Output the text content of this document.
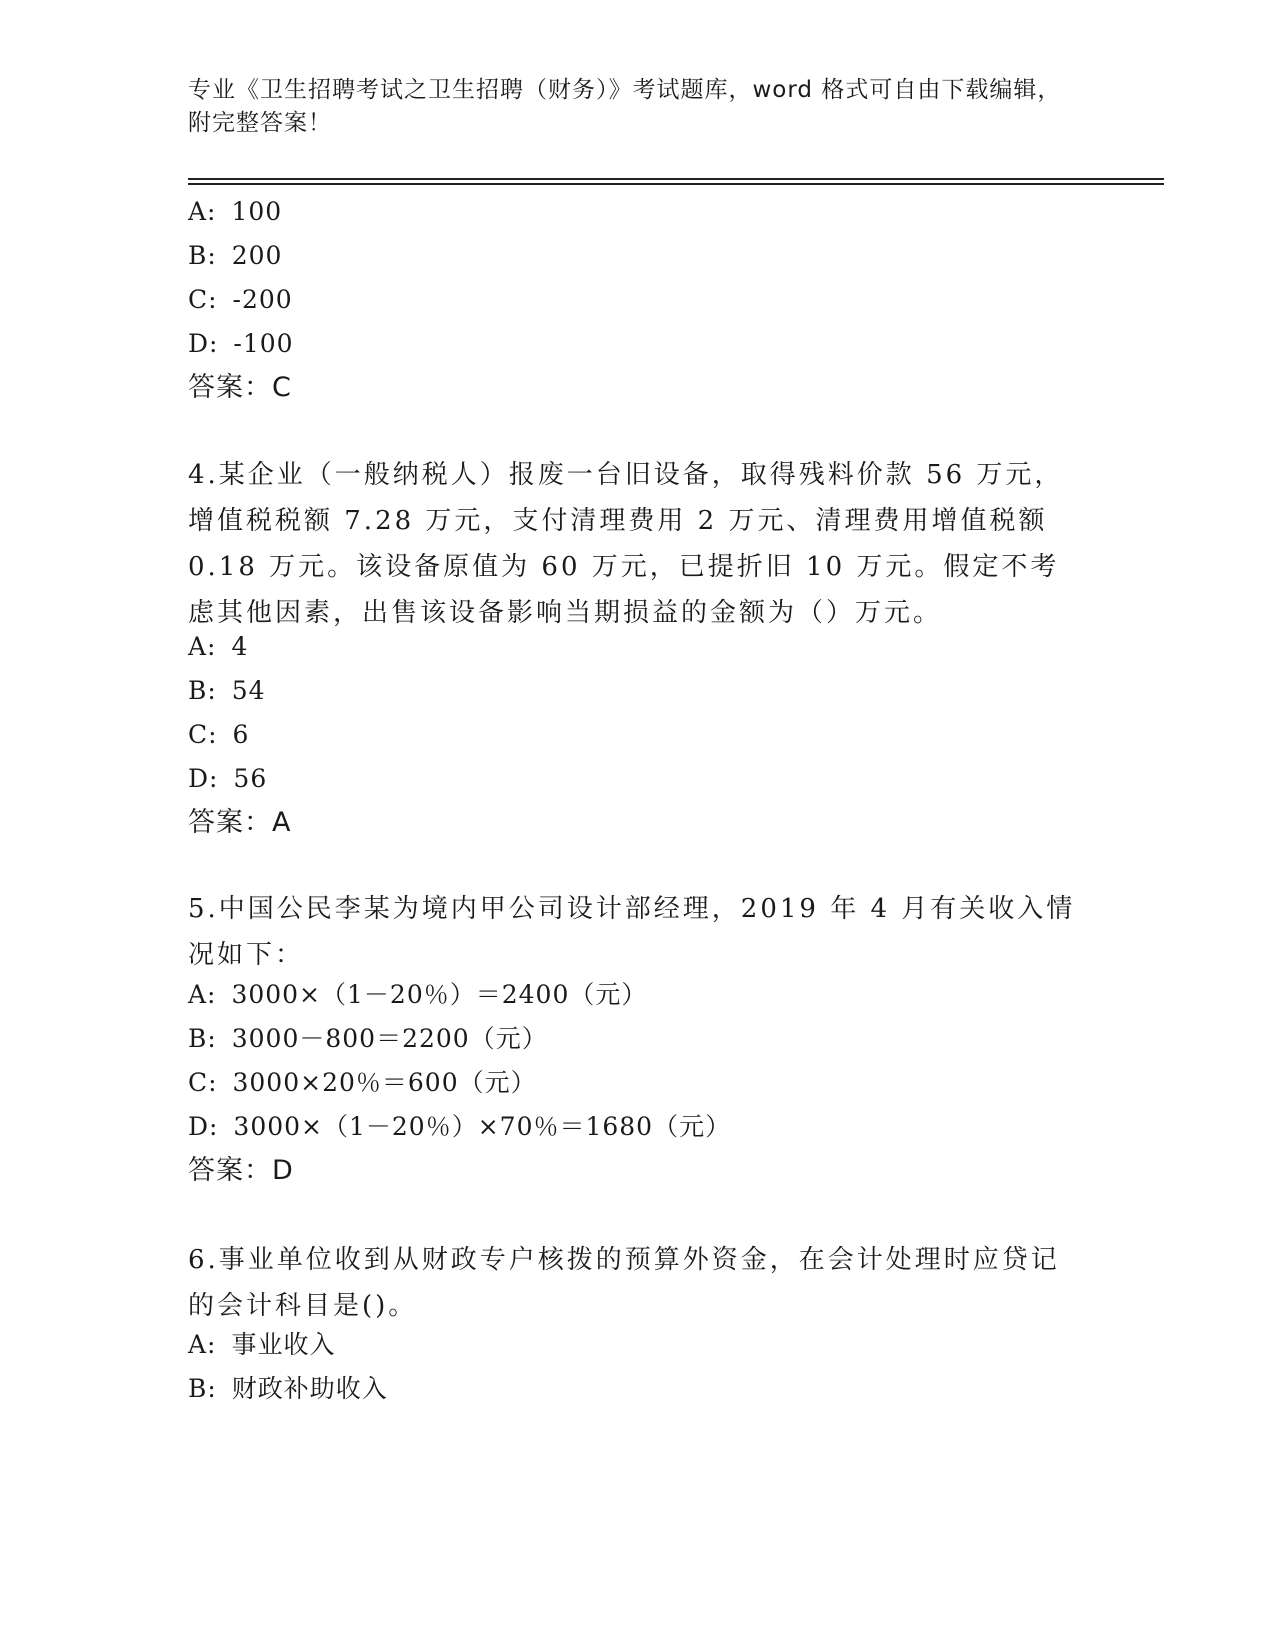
专业《卫生招聘考试之卫生招聘（财务）》考试题库，word 格式可自由下载编辑，附完整答案！
A: 100
B: 200
C: -200
D: -100
答案：C
4.某企业（一般纳税人）报废一台旧设备，取得残料价款 56 万元，增值税税额 7.28 万元，支付清理费用 2 万元、清理费用增值税额 0.18 万元。该设备原值为 60 万元，已提折旧 10 万元。假定不考虑其他因素，出售该设备影响当期损益的金额为（）万元。
A: 4
B: 54
C: 6
D: 56
答案：A
5.中国公民李某为境内甲公司设计部经理，2019 年 4 月有关收入情况如下：
A: 3000×（1－20％）＝2400（元）
B: 3000－800＝2200（元）
C: 3000×20％＝600（元）
D: 3000×（1－20％）×70％＝1680（元）
答案：D
6.事业单位收到从财政专户核拨的预算外资金，在会计处理时应贷记的会计科目是()。
A: 事业收入
B: 财政补助收入
